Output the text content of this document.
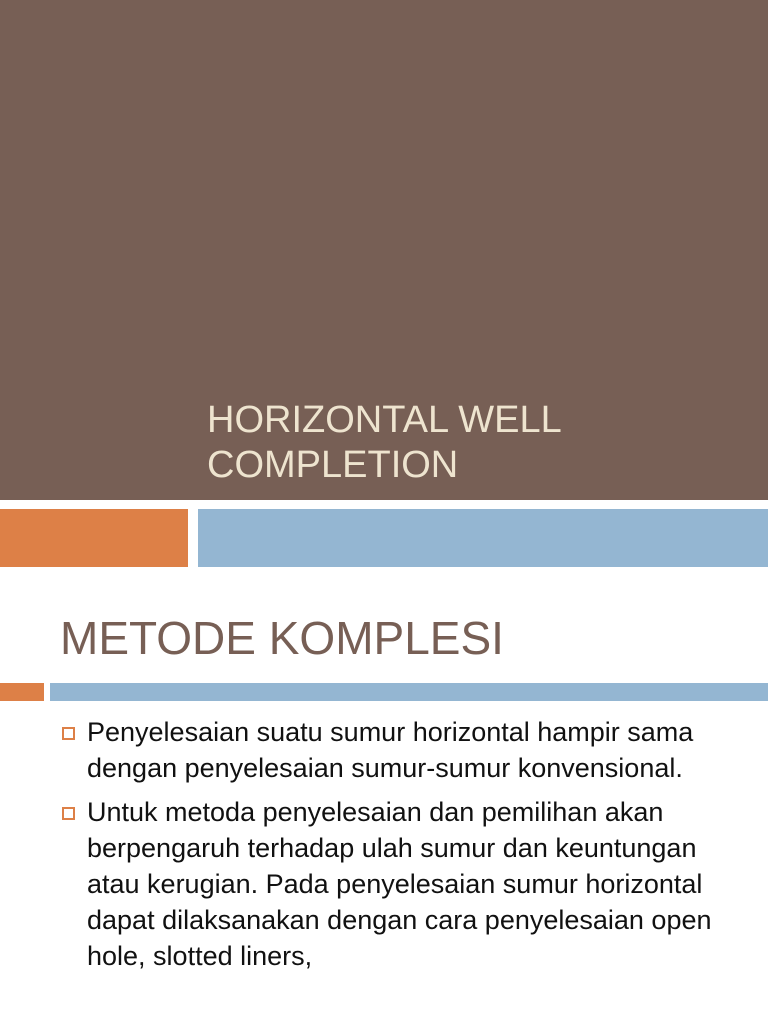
HORIZONTAL WELL
COMPLETION
METODE KOMPLESI
Penyelesaian suatu sumur horizontal hampir sama dengan penyelesaian sumur-sumur konvensional.
Untuk metoda penyelesaian dan pemilihan akan berpengaruh terhadap ulah sumur dan keuntungan atau kerugian. Pada penyelesaian sumur horizontal dapat dilaksanakan dengan cara penyelesaian open hole, slotted liners,
